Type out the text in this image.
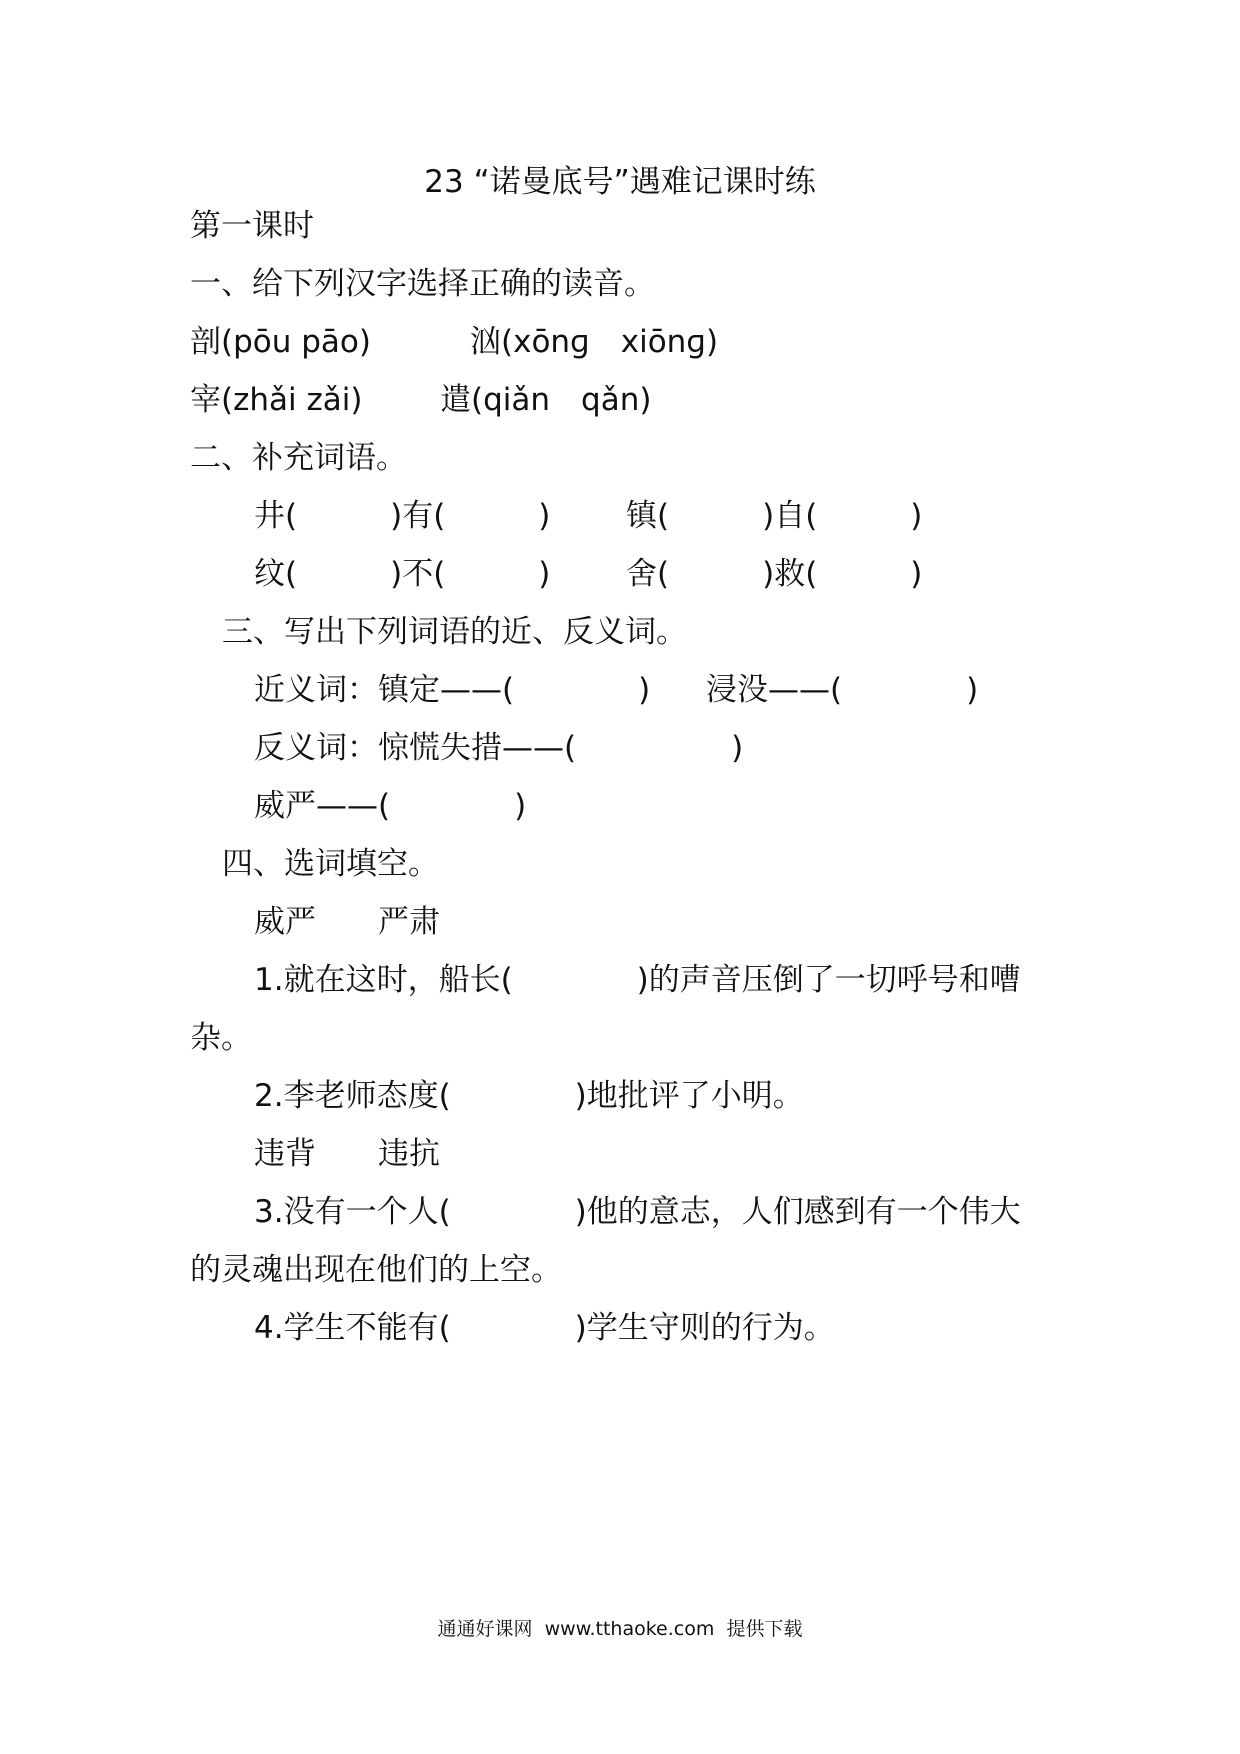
23 “诺曼底号”遇难记课时练
第一课时
一、给下列汉字选择正确的读音。
剖(pōu pāo)	汹(xōnɡ　xiōnɡ)
宰(zhǎi zǎi)	遣(qiǎn　qǎn)
二、补充词语。
井(　　　)有(　　　) 镇(　　　)自(　　　)
纹(　　　)不(　　　) 舍(　　　)救(　　　)
三、写出下列词语的近、反义词。
近义词：镇定——(　　　　) 浸没——(　　　　)
反义词：惊慌失措——(　　　　　)
威严——(　　　　)
四、选词填空。
威严　　严肃
1.就在这时，船长(　　　　)的声音压倒了一切呼号和嘈
杂。
2.李老师态度(　　　　)地批评了小明。
违背　　违抗
3.没有一个人(　　　　)他的意志，人们感到有一个伟大
的灵魂出现在他们的上空。
4.学生不能有(　　　　)学生守则的行为。
通通好课网  www.tthaoke.com  提供下载
